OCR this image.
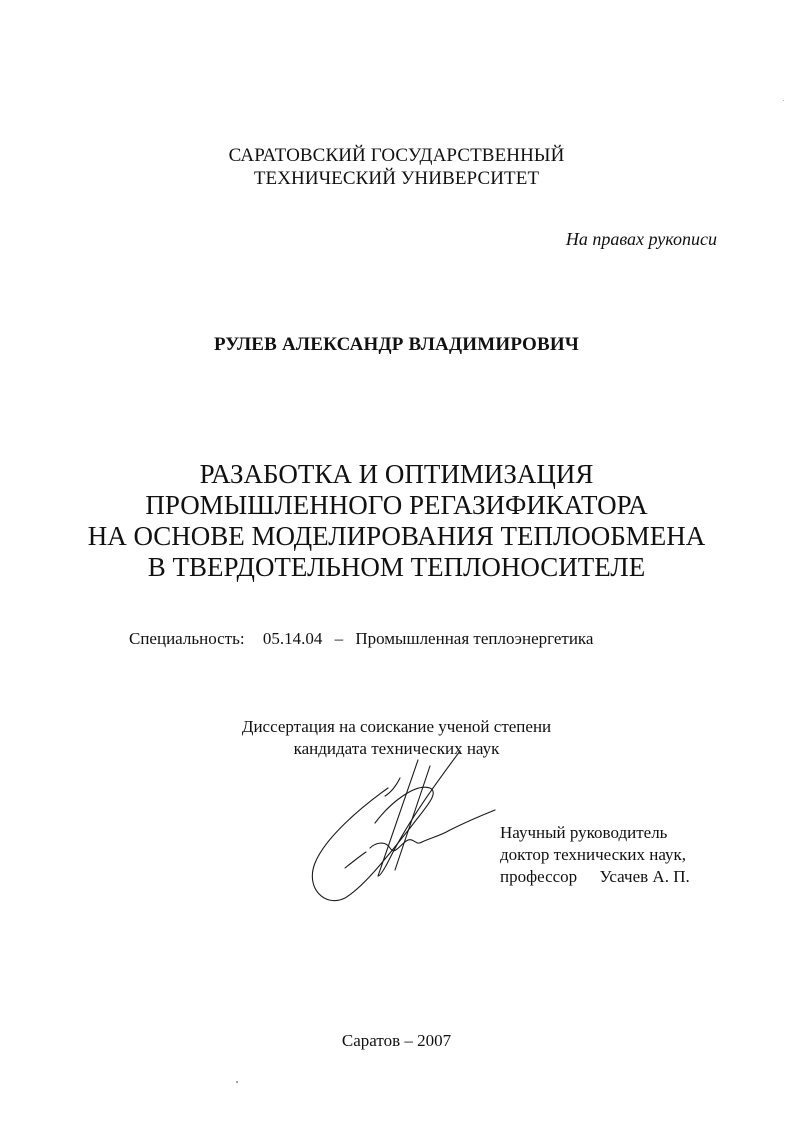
САРАТОВСКИЙ ГОСУДАРСТВЕННЫЙ
ТЕХНИЧЕСКИЙ УНИВЕРСИТЕТ
На правах рукописи
РУЛЕВ АЛЕКСАНДР ВЛАДИМИРОВИЧ
РАЗАБОТКА И ОПТИМИЗАЦИЯ
ПРОМЫШЛЕННОГО РЕГАЗИФИКАТОРА
НА ОСНОВЕ МОДЕЛИРОВАНИЯ ТЕПЛООБМЕНА
В ТВЕРДОТЕЛЬНОМ ТЕПЛОНОСИТЕЛЕ
Специальность: 05.14.04 – Промышленная теплоэнергетика
Диссертация на соискание ученой степени
кандидата технических наук
Научный руководитель
доктор технических наук,
профессор Усачев А. П.
Саратов – 2007
